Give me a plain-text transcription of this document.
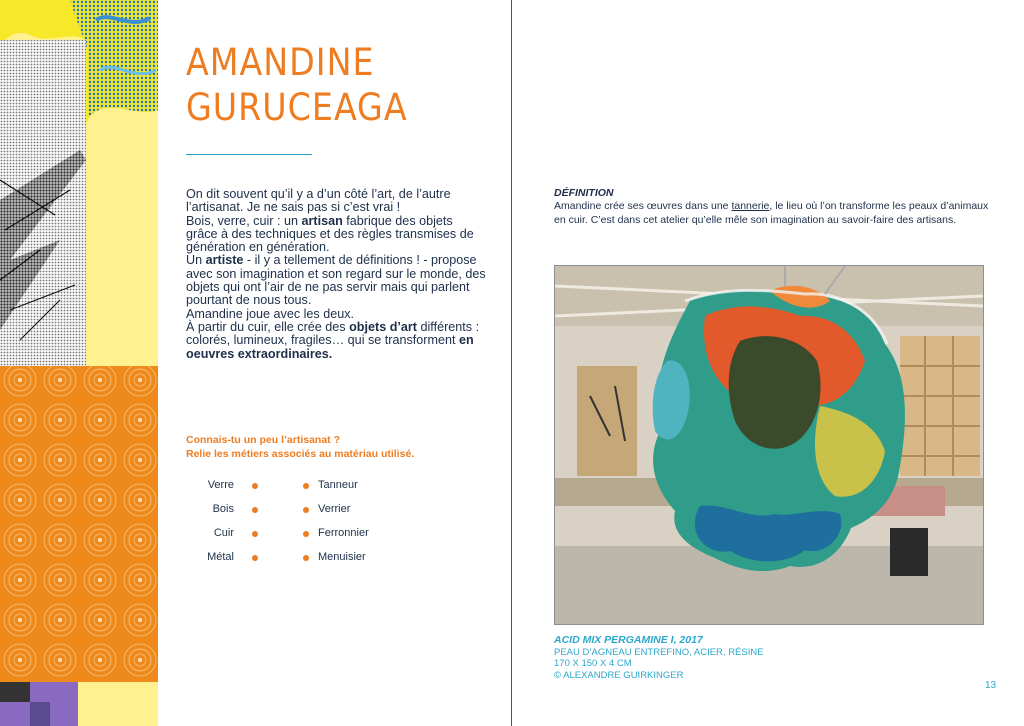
AMANDINE
GURUCEAGA

On dit souvent qu’il y a d’un côté l’art, de l’autre l’artisanat. Je ne sais pas si c’est vrai !

Bois, verre, cuir : un artisan fabrique des objets grâce à des techniques et des règles transmises de génération en génération.

Un artiste - il y a tellement de définitions ! - propose avec son imagination et son regard sur le monde, des objets qui ont l’air de ne pas servir mais qui parlent pourtant de nous tous.

Amandine joue avec les deux.

À partir du cuir, elle crée des objets d’art différents : colorés, lumineux, fragiles… qui se transforment en oeuvres extraordinaires.

Connais-tu un peu l’artisanat ?
Relie les métiers associés au matériau utilisé.
Verre
Bois
Cuir
Métal
Tanneur
Verrier
Ferronnier
Menuisier

DÉFINITION

Amandine crée ses œuvres dans une tannerie, le lieu où l’on transforme les peaux d’animaux en cuir. C’est dans cet atelier qu’elle mêle son imagination au savoir-faire des artisans.

ACID MIX PERGAMINE I, 2017
PEAU D’AGNEAU ENTREFINO, ACIER, RÉSINE
170 X 150 X 4 CM
© ALEXANDRE GUIRKINGER
13
